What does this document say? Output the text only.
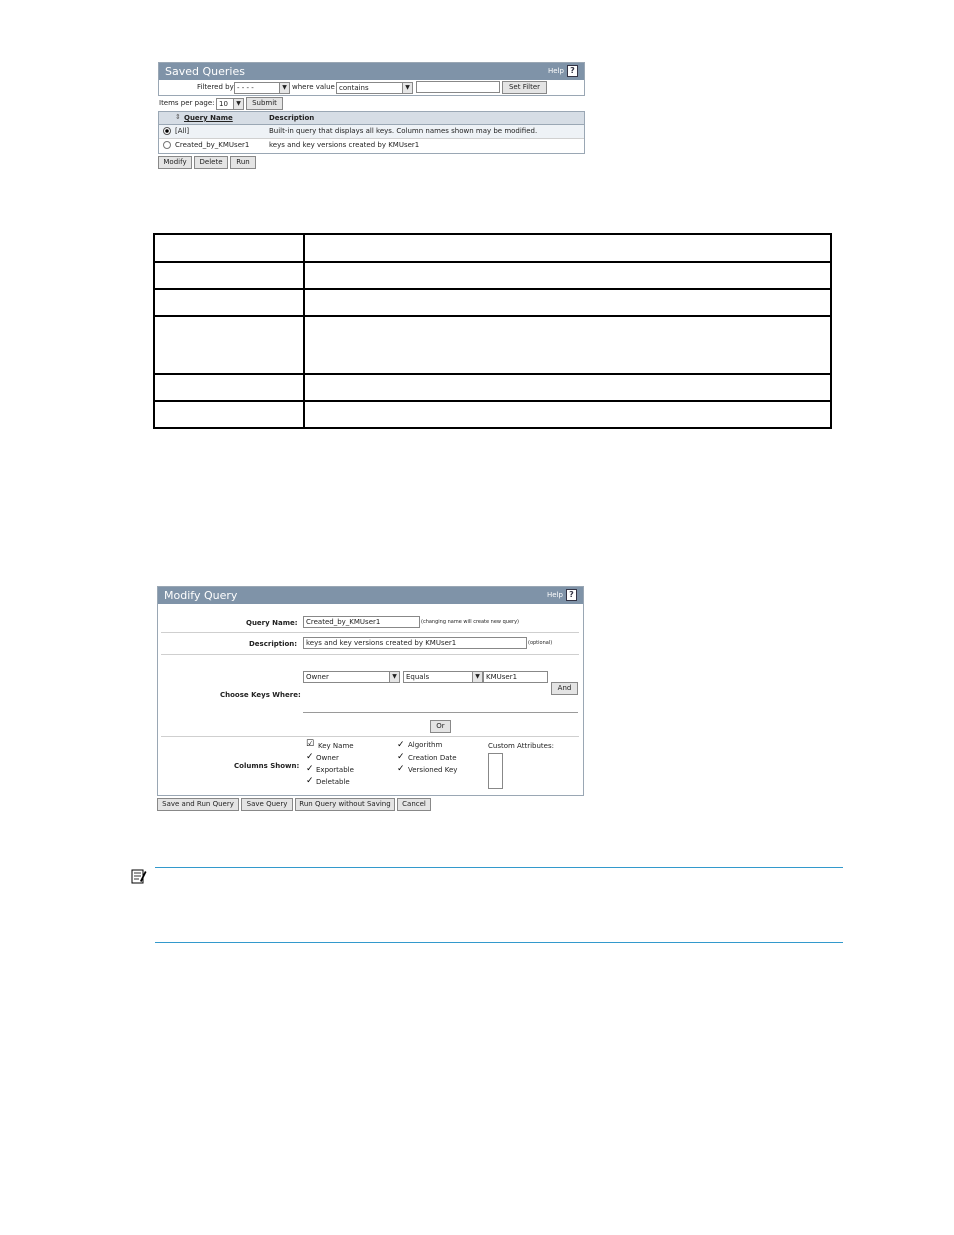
Saved Queries	Help ?
Filtered by - - - -	▼ where value contains	▼	Set Filter
Items per page: 10	▼	Submit
⇕ Query Name	Description
[All]	Built-in query that displays all keys. Column names shown may be modified.
Created_by_KMUser1	keys and key versions created by KMUser1
Modify	Delete	Run

Modify Query	Help ?
Query Name:	Created_by_KMUser1	(changing name will create new query)
Description:	keys and key versions created by KMUser1	(optional)
Choose Keys Where:
Owner	▼	Equals	▼ KMUser1
And
Or
Columns Shown:
☑ Key Name
✓ Owner
✓ Exportable
✓ Deletable
✓ Algorithm
✓ Creation Date
✓ Versioned Key
Custom Attributes:
Save and Run Query	Save Query	Run Query without Saving	Cancel
